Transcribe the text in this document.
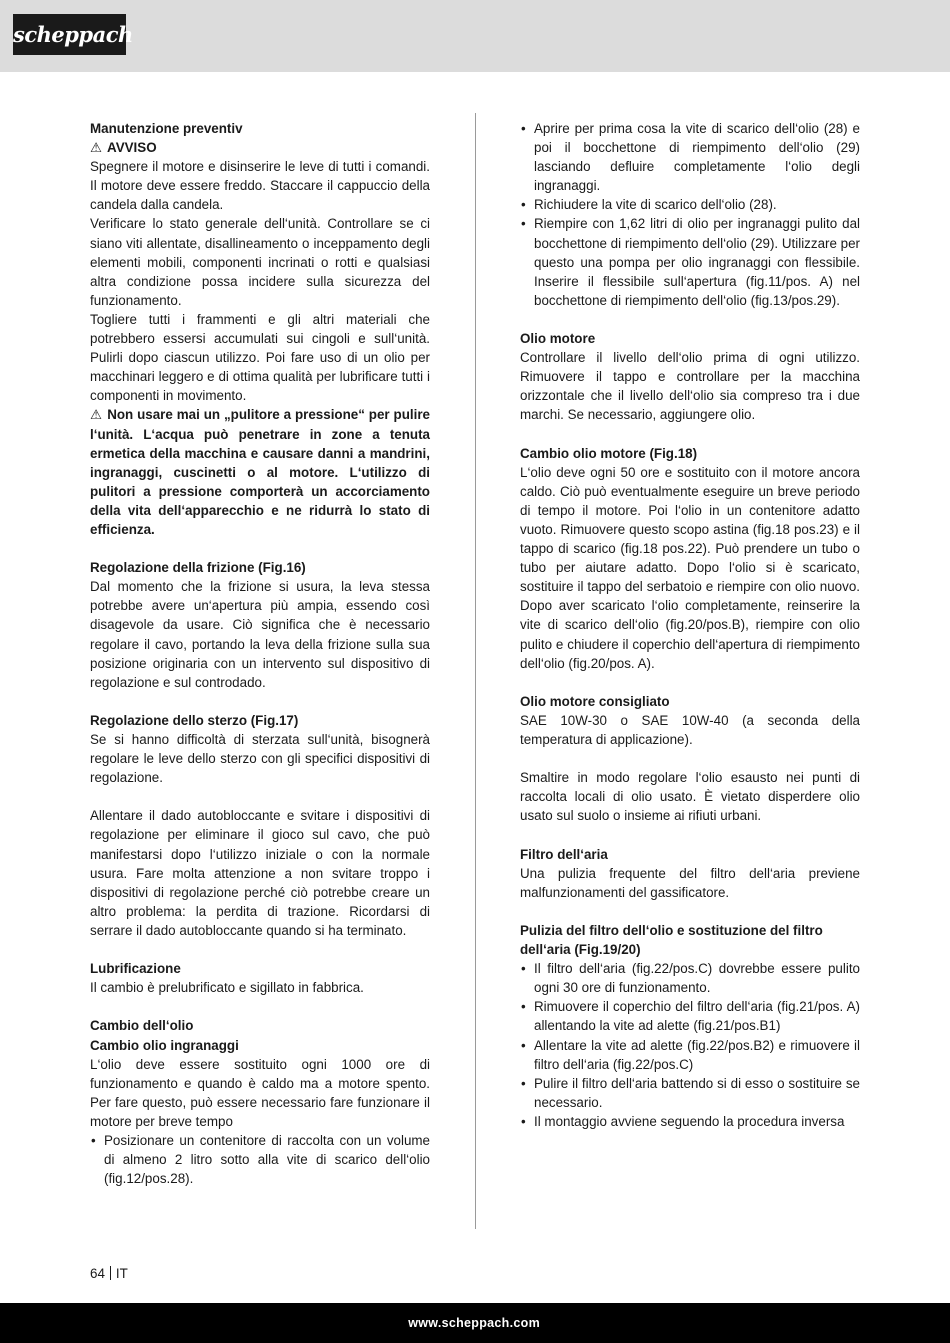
scheppach

Manutenzione preventiv

⚠ AVVISO

Spegnere il motore e disinserire le leve di tutti i comandi. Il motore deve essere freddo. Staccare il cappuccio della candela dalla candela.

Verificare lo stato generale dell‘unità. Controllare se ci siano viti allentate, disallineamento o inceppamento degli elementi mobili, componenti incrinati o rotti e qualsiasi altra condizione possa incidere sulla sicurezza del funzionamento.

Togliere tutti i frammenti e gli altri materiali che potrebbero essersi accumulati sui cingoli e sull‘unità. Pulirli dopo ciascun utilizzo. Poi fare uso di un olio per macchinari leggero e di ottima qualità per lubrificare tutti i componenti in movimento.

⚠ Non usare mai un „pulitore a pressione“ per pulire l‘unità. L‘acqua può penetrare in zone a tenuta ermetica della macchina e causare danni a mandrini, ingranaggi, cuscinetti o al motore. L‘utilizzo di pulitori a pressione comporterà un accorciamento della vita dell‘apparecchio e ne ridurrà lo stato di efficienza.

Regolazione della frizione (Fig.16)

Dal momento che la frizione si usura, la leva stessa potrebbe avere un‘apertura più ampia, essendo così disagevole da usare. Ciò significa che è necessario regolare il cavo, portando la leva della frizione sulla sua posizione originaria con un intervento sul dispositivo di regolazione e sul controdado.

Regolazione dello sterzo (Fig.17)

Se si hanno difficoltà di sterzata sull‘unità, bisognerà regolare le leve dello sterzo con gli specifici dispositivi di regolazione.

Allentare il dado autobloccante e svitare i dispositivi di regolazione per eliminare il gioco sul cavo, che può manifestarsi dopo l‘utilizzo iniziale o con la normale usura. Fare molta attenzione a non svitare troppo i dispositivi di regolazione perché ciò potrebbe creare un altro problema: la perdita di trazione. Ricordarsi di serrare il dado autobloccante quando si ha terminato.

Lubrificazione

Il cambio è prelubrificato e sigillato in fabbrica.

Cambio dell‘olio

Cambio olio ingranaggi

L‘olio deve essere sostituito ogni 1000 ore di funzionamento e quando è caldo ma a motore spento. Per fare questo, può essere necessario fare funzionare il motore per breve tempo

• Posizionare un contenitore di raccolta con un volume di almeno 2 litro sotto alla vite di scarico dell‘olio (fig.12/pos.28).
• Aprire per prima cosa la vite di scarico dell‘olio (28) e poi il bocchettone di riempimento dell‘olio (29) lasciando defluire completamente l‘olio degli ingranaggi.
• Richiudere la vite di scarico dell‘olio (28).
• Riempire con 1,62 litri di olio per ingranaggi pulito dal bocchettone di riempimento dell‘olio (29). Utilizzare per questo una pompa per olio ingranaggi con flessibile. Inserire il flessibile sull‘apertura (fig.11/pos. A) nel bocchettone di riempimento dell‘olio (fig.13/pos.29).

Olio motore

Controllare il livello dell‘olio prima di ogni utilizzo. Rimuovere il tappo e controllare per la macchina orizzontale che il livello dell‘olio sia compreso tra i due marchi. Se necessario, aggiungere olio.

Cambio olio motore (Fig.18)

L‘olio deve ogni 50 ore e sostituito con il motore ancora caldo. Ciò può eventualmente eseguire un breve periodo di tempo il motore. Poi l‘olio in un contenitore adatto vuoto. Rimuovere questo scopo astina (fig.18 pos.23) e il tappo di scarico (fig.18 pos.22). Può prendere un tubo o tubo per aiutare adatto. Dopo l‘olio si è scaricato, sostituire il tappo del serbatoio e riempire con olio nuovo. Dopo aver scaricato l‘olio completamente, reinserire la vite di scarico dell‘olio (fig.20/pos.B), riempire con olio pulito e chiudere il coperchio dell‘apertura di riempimento dell‘olio (fig.20/pos. A).

Olio motore consigliato

SAE 10W-30 o SAE 10W-40 (a seconda della temperatura di applicazione).

Smaltire in modo regolare l‘olio esausto nei punti di raccolta locali di olio usato. È vietato disperdere olio usato sul suolo o insieme ai rifiuti urbani.

Filtro dell‘aria

Una pulizia frequente del filtro dell‘aria previene malfunzionamenti del gassificatore.

Pulizia del filtro dell‘olio e sostituzione del filtro dell‘aria (Fig.19/20)

• Il filtro dell‘aria (fig.22/pos.C) dovrebbe essere pulito ogni 30 ore di funzionamento.
• Rimuovere il coperchio del filtro dell‘aria (fig.21/pos. A) allentando la vite ad alette (fig.21/pos.B1)
• Allentare la vite ad alette (fig.22/pos.B2) e rimuovere il filtro dell‘aria (fig.22/pos.C)
• Pulire il filtro dell‘aria battendo si di esso o sostituire se necessario.
• Il montaggio avviene seguendo la procedura inversa
64 IT
www.scheppach.com
